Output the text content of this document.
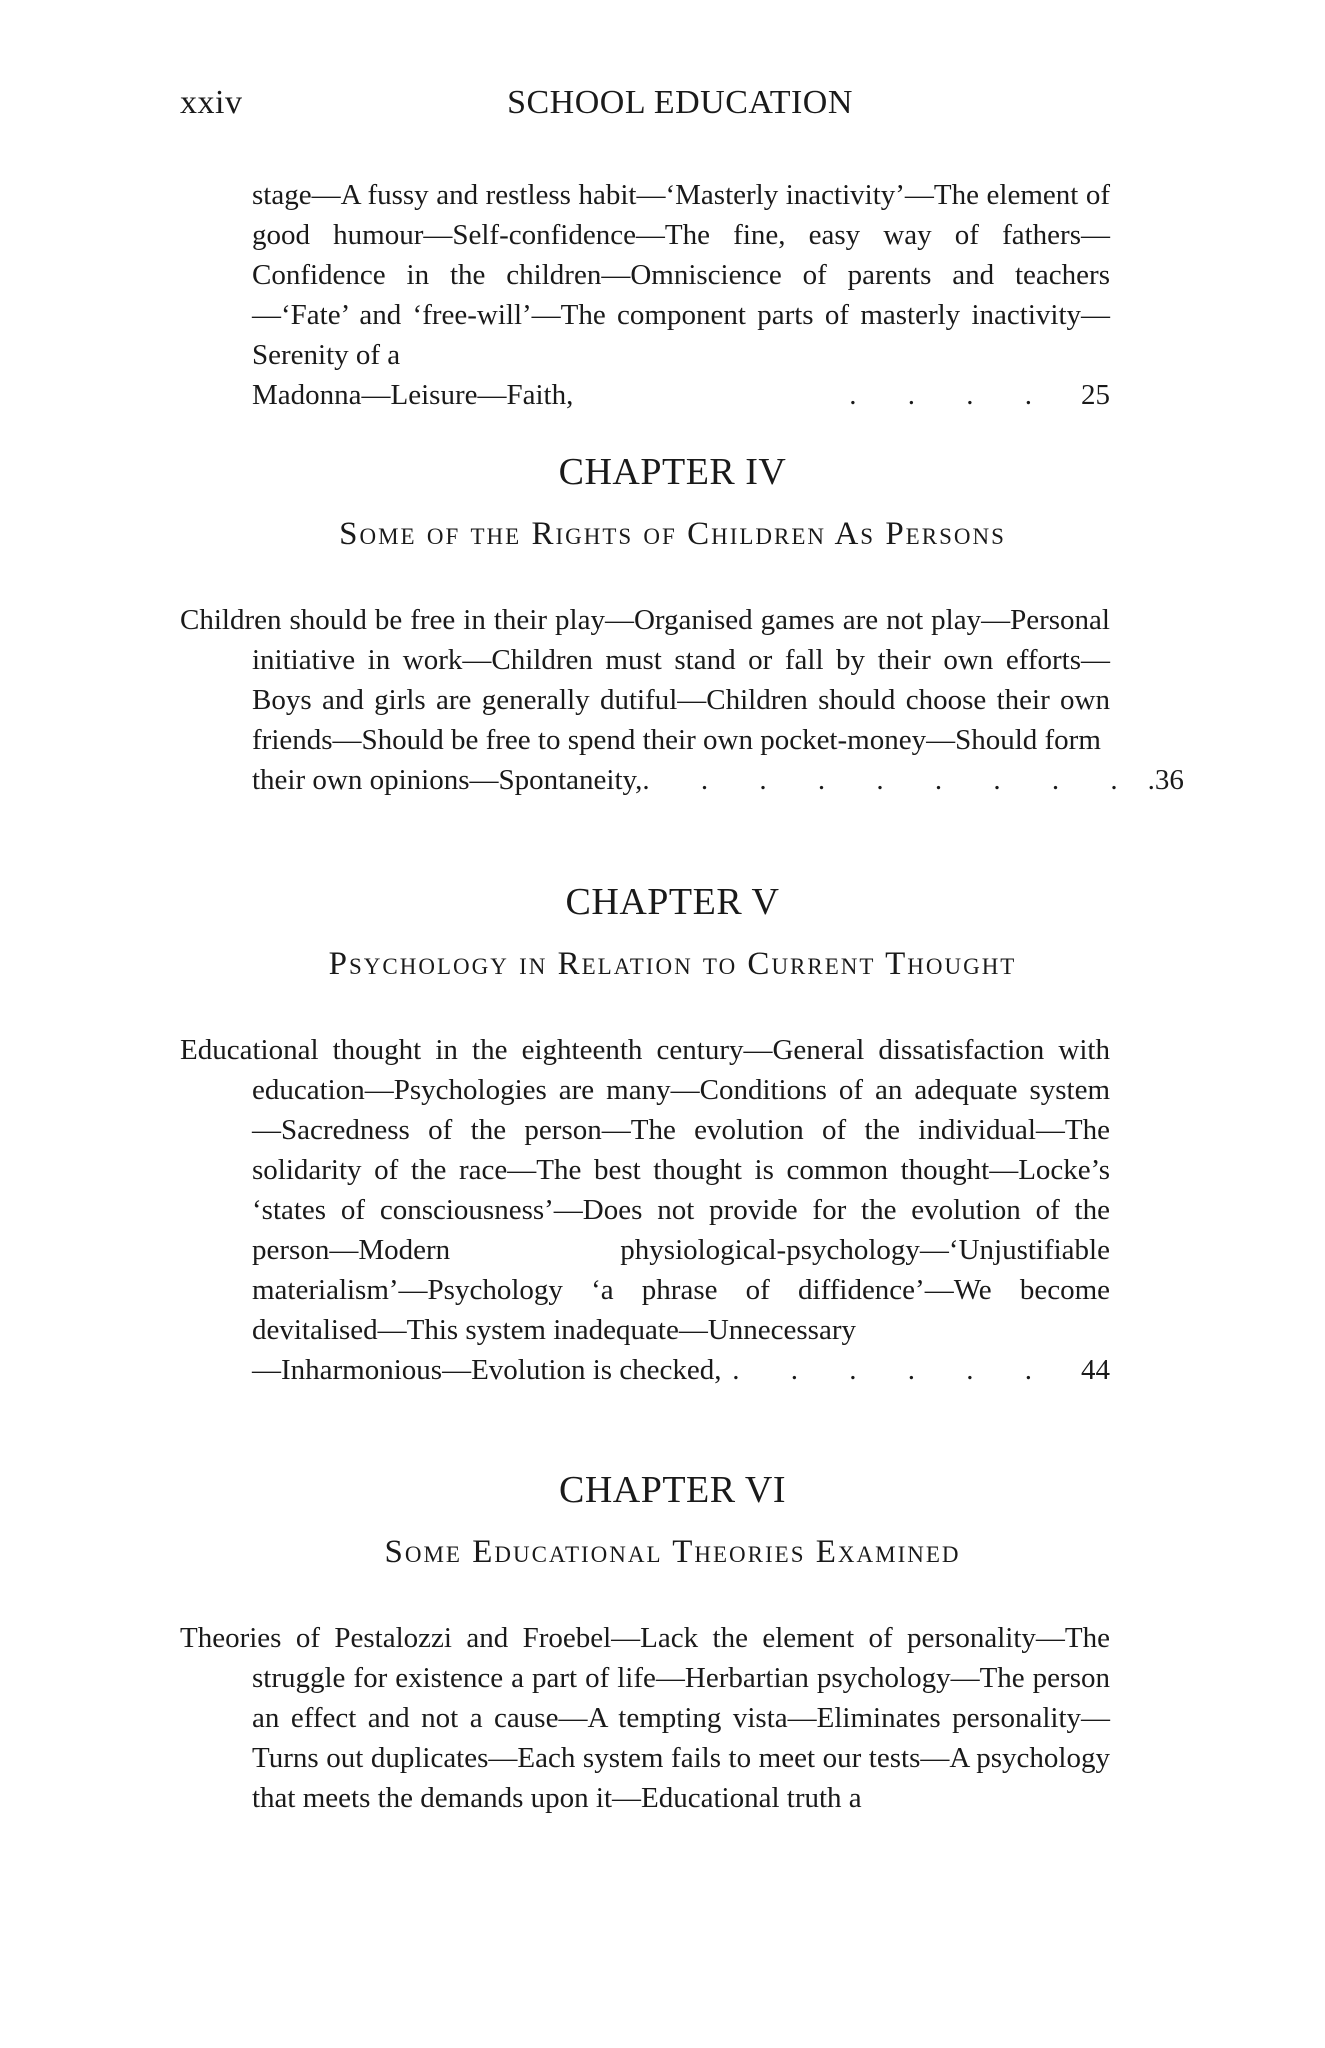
xxiv	SCHOOL EDUCATION
stage—A fussy and restless habit—‘Masterly inactivity’—The element of good humour—Self-confidence—The fine, easy way of fathers—Confidence in the children—Omniscience of parents and teachers—‘Fate’ and ‘free-will’—The component parts of masterly inactivity—Serenity of a
Madonna—Leisure—Faith,	. . . . 25
CHAPTER IV
Some of the Rights of Children As Persons
Children should be free in their play—Organised games are not play—Personal initiative in work—Children must stand or fall by their own efforts—Boys and girls are generally dutiful—Children should choose their own friends—Should be free to spend their own pocket-money—Should form
their own opinions—Spontaneity, . . . . . . . . . .36
CHAPTER V
Psychology in Relation to Current Thought
Educational thought in the eighteenth century—General dissatisfaction with education—Psychologies are many—Conditions of an adequate system—Sacredness of the person—The evolution of the individual—The solidarity of the race—The best thought is common thought—Locke’s ‘states of consciousness’—Does not provide for the evolution of the person—Modern physiological-psychology—‘Unjustifiable materialism’—Psychology ‘a phrase of diffidence’—We become devitalised—This system inadequate—Unnecessary
—Inharmonious—Evolution is checked, . . . . . . 44
CHAPTER VI
Some Educational Theories Examined
Theories of Pestalozzi and Froebel—Lack the element of personality—The struggle for existence a part of life—Herbartian psychology—The person an effect and not a cause—A tempting vista—Eliminates personality—Turns out duplicates—Each system fails to meet our tests—A psychology that meets the demands upon it—Educational truth a
